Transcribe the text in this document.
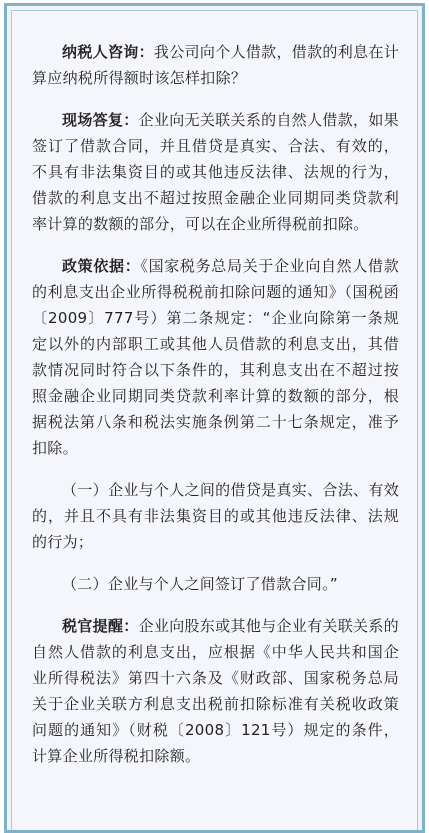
纳税人咨询：我公司向个人借款，借款的利息在计算应纳税所得额时该怎样扣除？

现场答复：企业向无关联关系的自然人借款，如果签订了借款合同，并且借贷是真实、合法、有效的，不具有非法集资目的或其他违反法律、法规的行为，借款的利息支出不超过按照金融企业同期同类贷款利率计算的数额的部分，可以在企业所得税前扣除。

政策依据：《国家税务总局关于企业向自然人借款的利息支出企业所得税税前扣除问题的通知》（国税函〔2009〕777号）第二条规定：“企业向除第一条规定以外的内部职工或其他人员借款的利息支出，其借款情况同时符合以下条件的，其利息支出在不超过按照金融企业同期同类贷款利率计算的数额的部分，根据税法第八条和税法实施条例第二十七条规定，准予扣除。

（一）企业与个人之间的借贷是真实、合法、有效的，并且不具有非法集资目的或其他违反法律、法规的行为；

（二）企业与个人之间签订了借款合同。”

税官提醒：企业向股东或其他与企业有关联关系的自然人借款的利息支出，应根据《中华人民共和国企业所得税法》第四十六条及《财政部、国家税务总局关于企业关联方利息支出税前扣除标准有关税收政策问题的通知》（财税〔2008〕121号）规定的条件，计算企业所得税扣除额。
